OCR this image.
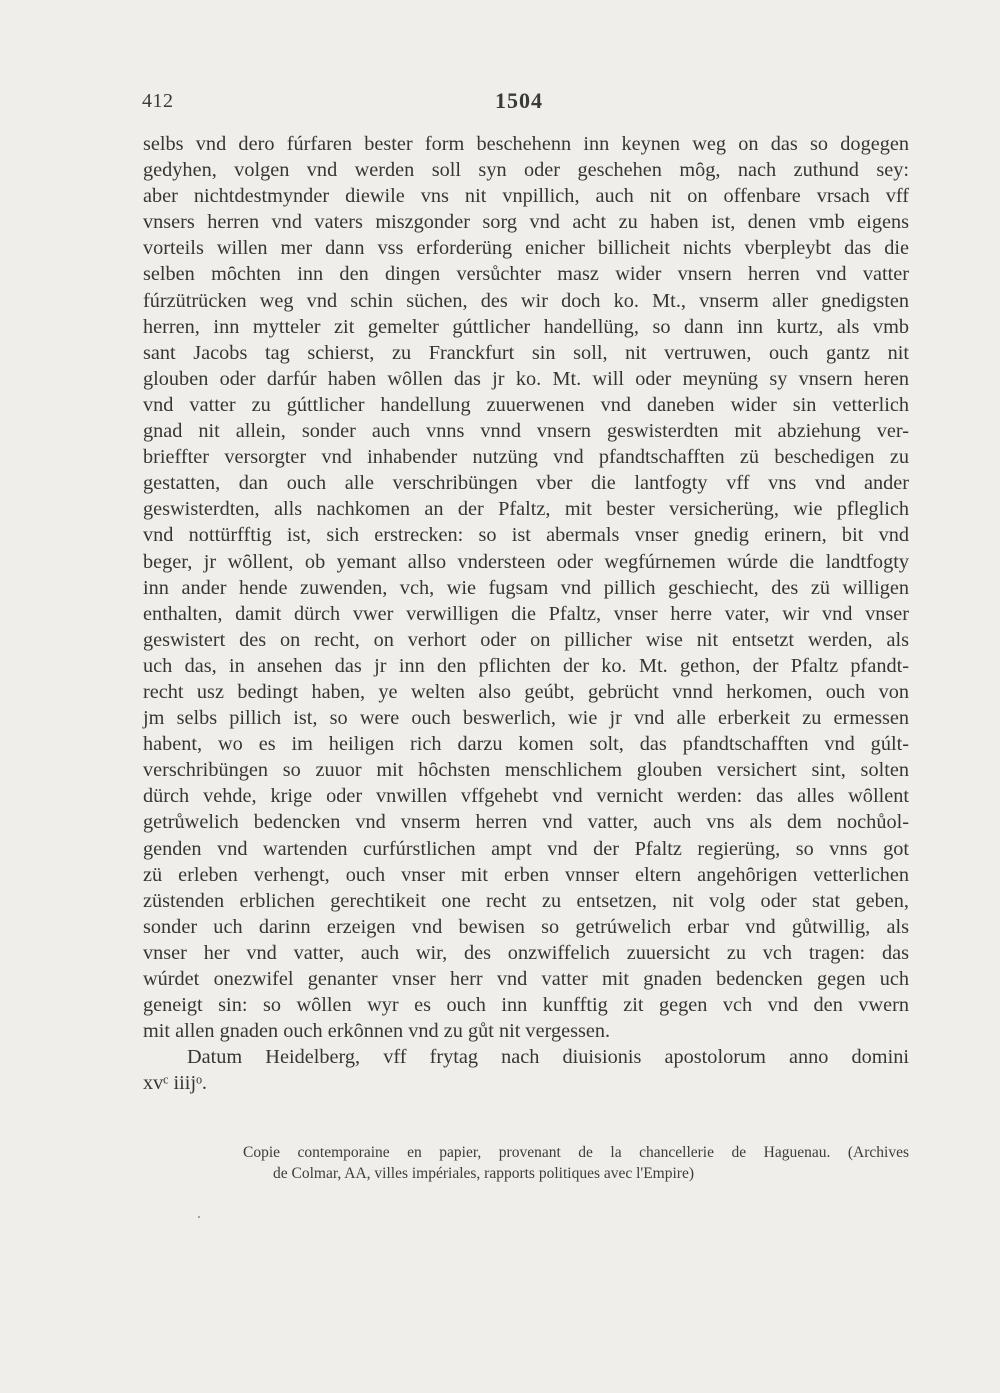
412	1504
selbs vnd dero fúrfaren bester form beschehenn inn keynen weg on das so dogegen
gedyhen, volgen vnd werden soll syn oder geschehen mȏg, nach zuthund sey:
aber nichtdestmynder diewile vns nit vnpillich, auch nit on offenbare vrsach vff
vnsers herren vnd vaters miszgonder sorg vnd acht zu haben ist, denen vmb eigens
vorteils willen mer dann vss erforderüng enicher billicheit nichts vberpleybt das die
selben mȏchten inn den dingen versůchter masz wider vnsern herren vnd vatter
fúrzütrücken weg vnd schin süchen, des wir doch ko. Mt., vnserm aller gnedigsten
herren, inn mytteler zit gemelter gúttlicher handellüng, so dann inn kurtz, als vmb
sant Jacobs tag schierst, zu Franckfurt sin soll, nit vertruwen, ouch gantz nit
glouben oder darfúr haben wȏllen das jr ko. Mt. will oder meynüng sy vnsern heren
vnd vatter zu gúttlicher handellung zuuerwenen vnd daneben wider sin vetterlich
gnad nit allein, sonder auch vnns vnnd vnsern geswisterdten mit abziehung ver-
brieffter versorgter vnd inhabender nutzüng vnd pfandtschafften zü beschedigen zu
gestatten, dan ouch alle verschribüngen vber die lantfogty vff vns vnd ander
geswisterdten, alls nachkomen an der Pfaltz, mit bester versicherüng, wie pfleglich
vnd nottürfftig ist, sich erstrecken: so ist abermals vnser gnedig erinern, bit vnd
beger, jr wȏllent, ob yemant allso vndersteen oder wegfúrnemen wúrde die landtfogty
inn ander hende zuwenden, vch, wie fugsam vnd pillich geschiecht, des zü willigen
enthalten, damit dürch vwer verwilligen die Pfaltz, vnser herre vater, wir vnd vnser
geswistert des on recht, on verhort oder on pillicher wise nit entsetzt werden, als
uch das, in ansehen das jr inn den pflichten der ko. Mt. gethon, der Pfaltz pfandt-
recht usz bedingt haben, ye welten also geúbt, gebrücht vnnd herkomen, ouch von
jm selbs pillich ist, so were ouch beswerlich, wie jr vnd alle erberkeit zu ermessen
habent, wo es im heiligen rich darzu komen solt, das pfandtschafften vnd gúlt-
verschribüngen so zuuor mit hȏchsten menschlichem glouben versichert sint, solten
dürch vehde, krige oder vnwillen vffgehebt vnd vernicht werden: das alles wȏllent
getrůwelich bedencken vnd vnserm herren vnd vatter, auch vns als dem nochůol-
genden vnd wartenden curfúrstlichen ampt vnd der Pfaltz regierüng, so vnns got
zü erleben verhengt, ouch vnser mit erben vnnser eltern angehȏrigen vetterlichen
züstenden erblichen gerechtikeit one recht zu entsetzen, nit volg oder stat geben,
sonder uch darinn erzeigen vnd bewisen so getrúwelich erbar vnd gůtwillig, als
vnser her vnd vatter, auch wir, des onzwiffelich zuuersicht zu vch tragen: das
wúrdet onezwifel genanter vnser herr vnd vatter mit gnaden bedencken gegen uch
geneigt sin: so wȏllen wyr es ouch inn kunfftig zit gegen vch vnd den vwern
mit allen gnaden ouch erkȏnnen vnd zu gůt nit vergessen.
Datum Heidelberg, vff frytag nach diuisionis apostolorum anno domini
xvᶜ iiijᵒ.
Copie contemporaine en papier, provenant de la chancellerie de Haguenau. (Archives
de Colmar, AA, villes impériales, rapports politiques avec l'Empire)
